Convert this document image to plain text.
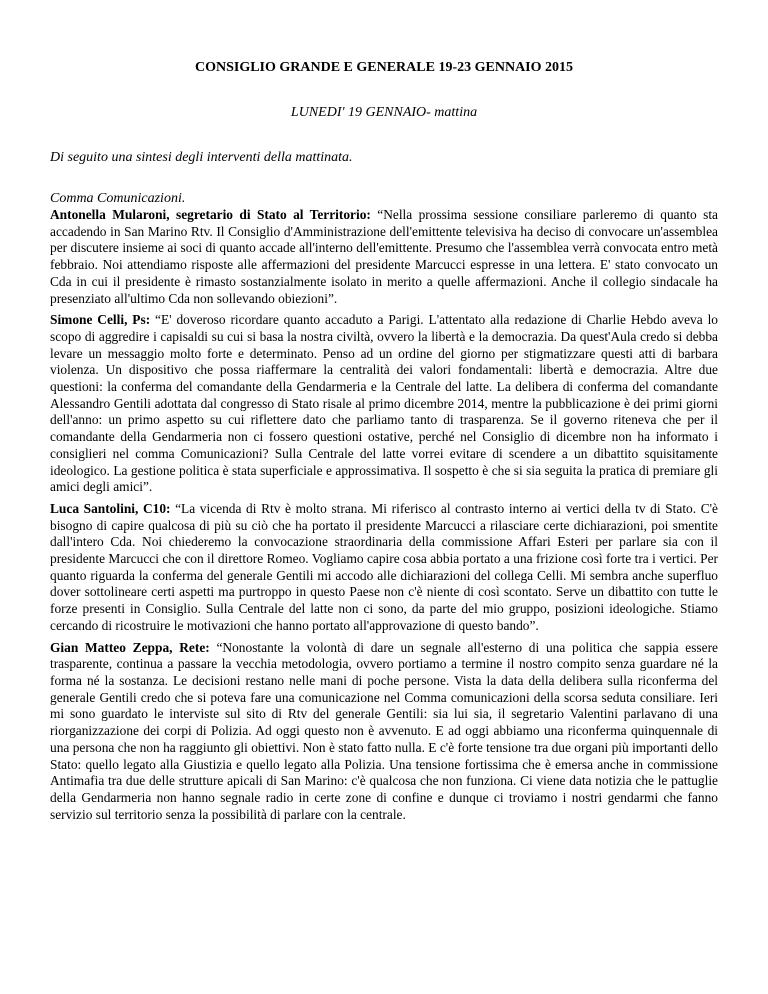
CONSIGLIO GRANDE E GENERALE 19-23 GENNAIO 2015
LUNEDI' 19 GENNAIO- mattina
Di seguito una sintesi degli interventi della mattinata.
Comma Comunicazioni.

Antonella Mularoni, segretario di Stato al Territorio: “Nella prossima sessione consiliare parleremo di quanto sta accadendo in San Marino Rtv. Il Consiglio d'Amministrazione dell'emittente televisiva ha deciso di convocare un'assemblea per discutere insieme ai soci di quanto accade all'interno dell'emittente. Presumo che l'assemblea verrà convocata entro metà febbraio. Noi attendiamo risposte alle affermazioni del presidente Marcucci espresse in una lettera. E' stato convocato un Cda in cui il presidente è rimasto sostanzialmente isolato in merito a quelle affermazioni. Anche il collegio sindacale ha presenziato all'ultimo Cda non sollevando obiezioni”.

Simone Celli, Ps: “E' doveroso ricordare quanto accaduto a Parigi. L'attentato alla redazione di Charlie Hebdo aveva lo scopo di aggredire i capisaldi su cui si basa la nostra civiltà, ovvero la libertà e la democrazia. Da quest'Aula credo si debba levare un messaggio molto forte e determinato. Penso ad un ordine del giorno per stigmatizzare questi atti di barbara violenza. Un dispositivo che possa riaffermare la centralità dei valori fondamentali: libertà e democrazia. Altre due questioni: la conferma del comandante della Gendarmeria e la Centrale del latte. La delibera di conferma del comandante Alessandro Gentili adottata dal congresso di Stato risale al primo dicembre 2014, mentre la pubblicazione è dei primi giorni dell'anno: un primo aspetto su cui riflettere dato che parliamo tanto di trasparenza. Se il governo riteneva che per il comandante della Gendarmeria non ci fossero questioni ostative, perché nel Consiglio di dicembre non ha informato i consiglieri nel comma Comunicazioni? Sulla Centrale del latte vorrei evitare di scendere a un dibattito squisitamente ideologico. La gestione politica è stata superficiale e approssimativa. Il sospetto è che si sia seguita la pratica di premiare gli amici degli amici”.

Luca Santolini, C10: “La vicenda di Rtv è molto strana. Mi riferisco al contrasto interno ai vertici della tv di Stato. C'è bisogno di capire qualcosa di più su ciò che ha portato il presidente Marcucci a rilasciare certe dichiarazioni, poi smentite dall'intero Cda. Noi chiederemo la convocazione straordinaria della commissione Affari Esteri per parlare sia con il presidente Marcucci che con il direttore Romeo. Vogliamo capire cosa abbia portato a una frizione così forte tra i vertici. Per quanto riguarda la conferma del generale Gentili mi accodo alle dichiarazioni del collega Celli. Mi sembra anche superfluo dover sottolineare certi aspetti ma purtroppo in questo Paese non c'è niente di così scontato. Serve un dibattito con tutte le forze presenti in Consiglio. Sulla Centrale del latte non ci sono, da parte del mio gruppo, posizioni ideologiche. Stiamo cercando di ricostruire le motivazioni che hanno portato all'approvazione di questo bando”.

Gian Matteo Zeppa, Rete: “Nonostante la volontà di dare un segnale all'esterno di una politica che sappia essere trasparente, continua a passare la vecchia metodologia, ovvero portiamo a termine il nostro compito senza guardare né la forma né la sostanza. Le decisioni restano nelle mani di poche persone. Vista la data della delibera sulla riconferma del generale Gentili credo che si poteva fare una comunicazione nel Comma comunicazioni della scorsa seduta consiliare. Ieri mi sono guardato le interviste sul sito di Rtv del generale Gentili: sia lui sia, il segretario Valentini parlavano di una riorganizzazione dei corpi di Polizia. Ad oggi questo non è avvenuto. E ad oggi abbiamo una riconferma quinquennale di una persona che non ha raggiunto gli obiettivi. Non è stato fatto nulla. E c'è forte tensione tra due organi più importanti dello Stato: quello legato alla Giustizia e quello legato alla Polizia. Una tensione fortissima che è emersa anche in commissione Antimafia tra due delle strutture apicali di San Marino: c'è qualcosa che non funziona. Ci viene data notizia che le pattuglie della Gendarmeria non hanno segnale radio in certe zone di confine e dunque ci troviamo i nostri gendarmi che fanno servizio sul territorio senza la possibilità di parlare con la centrale.
